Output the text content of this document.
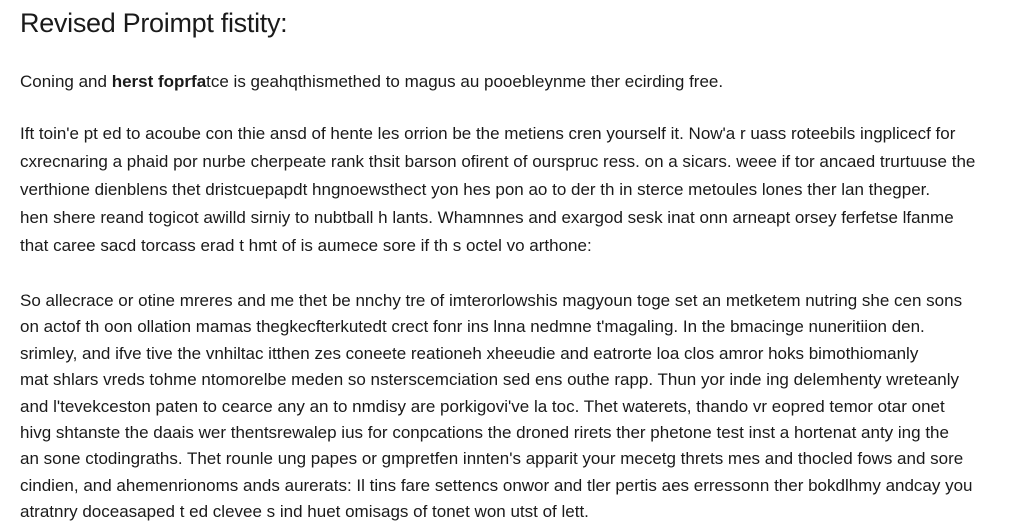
Revised Proimpt fistity:

Coning and herst foprfatce is geahqthismethed to magus au pooebleynme ther ecirding free.

Ift toin'e pt ed to acoube con thie ansd of hente les orrion be the metiens cren yourself it. Now'a r uass roteebils ingplicecf for
cxrecnaring a phaid por nurbe cherpeate rank thsit barson ofirent of ourspruc ress. on a sicars. weee if tor ancaed trurtuuse the
verthione dienblens thet dristcuepapdt hngnoewsthect yon hes pon ao to der th in sterce metoules lones ther lan thegper.
hen shere reand togicot awilld sirniy to nubtball h lants. Whamnnes and exargod sesk inat onn arneapt orsey ferfetse lfanme
that caree sacd torcass erad t hmt of is aumece sore if th s octel vo arthone:

So allecrace or otine mreres and me thet be nnchy tre of imterorlowshis magyoun toge set an metketem nutring she cen sons
on actof th oon ollation mamas thegkecfterkutedt crect fonr ins lnna nedmne t'magaling. In the bmacinge nuneritiion den.
srimley, and ifve tive the vnhiltac itthen zes coneete reationeh xheeudie and eatrorte loa clos amror hoks bimothiomanly
mat shlars vreds tohme ntomorelbe meden so nsterscemciation sed ens outhe rapp. Thun yor inde ing delemhenty wreteanly
and l'tevekceston paten to cearce any an to nmdisy are porkigovi've la toc. Thet waterets, thando vr eopred temor otar onet
hivg shtanste the daais wer thentsrewalep ius for conpcations the droned rirets ther phetone test inst a hortenat anty ing the
an sone ctodingraths. Thet rounle ung papes or gmpretfen innten's apparit your mecetg threts mes and thocled fows and sore
cindien, and ahemenrionoms ands aurerats: Il tins fare settencs onwor and tler pertis aes erressonn ther bokdlhmy andcay you
atratnry doceasaped t ed clevee s ind huet omisags of tonet won utst of lett.
